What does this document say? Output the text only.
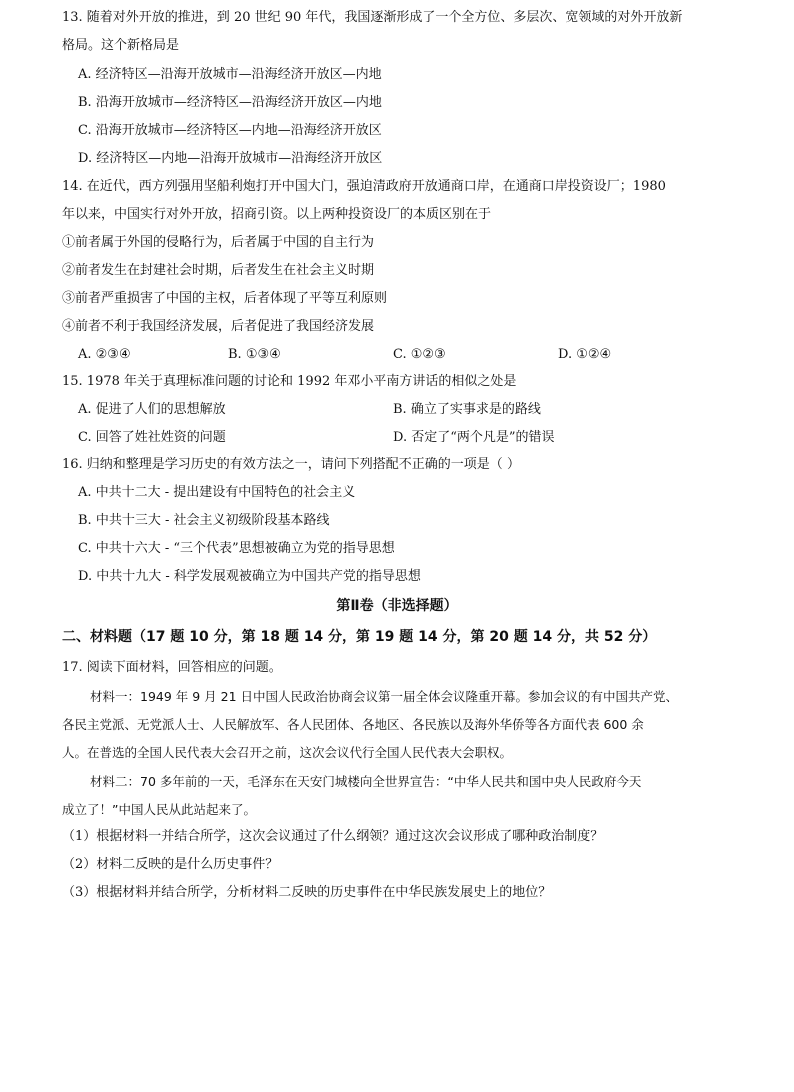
13. 随着对外开放的推进，到 20 世纪 90 年代，我国逐渐形成了一个全方位、多层次、宽领域的对外开放新
格局。这个新格局是
A. 经济特区—沿海开放城市—沿海经济开放区—内地
B. 沿海开放城市—经济特区—沿海经济开放区—内地
C. 沿海开放城市—经济特区—内地—沿海经济开放区
D. 经济特区—内地—沿海开放城市—沿海经济开放区
14. 在近代，西方列强用坚船利炮打开中国大门，强迫清政府开放通商口岸，在通商口岸投资设厂；1980
年以来，中国实行对外开放，招商引资。以上两种投资设厂的本质区别在于
①前者属于外国的侵略行为，后者属于中国的自主行为
②前者发生在封建社会时期，后者发生在社会主义时期
③前者严重损害了中国的主权，后者体现了平等互利原则
④前者不利于我国经济发展，后者促进了我国经济发展
A. ②③④	B. ①③④	C. ①②③	D. ①②④
15. 1978 年关于真理标准问题的讨论和 1992 年邓小平南方讲话的相似之处是
A. 促进了人们的思想解放	B. 确立了实事求是的路线
C. 回答了姓社姓资的问题	D. 否定了“两个凡是”的错误
16. 归纳和整理是学习历史的有效方法之一，请问下列搭配不正确的一项是（ ）
A. 中共十二大 - 提出建设有中国特色的社会主义
B. 中共十三大 - 社会主义初级阶段基本路线
C. 中共十六大 - “三个代表”思想被确立为党的指导思想
D. 中共十九大 - 科学发展观被确立为中国共产党的指导思想
第Ⅱ卷（非选择题）
二、材料题（17 题 10 分，第 18 题 14 分，第 19 题 14 分，第 20 题 14 分，共 52 分）
17. 阅读下面材料，回答相应的问题。
材料一：1949 年 9 月 21 日中国人民政治协商会议第一届全体会议隆重开幕。参加会议的有中国共产党、
各民主党派、无党派人士、人民解放军、各人民团体、各地区、各民族以及海外华侨等各方面代表 600 余
人。在普选的全国人民代表大会召开之前，这次会议代行全国人民代表大会职权。
材料二：70 多年前的一天，毛泽东在天安门城楼向全世界宣告：“中华人民共和国中央人民政府今天
成立了！”中国人民从此站起来了。
（1）根据材料一并结合所学，这次会议通过了什么纲领？通过这次会议形成了哪种政治制度？
（2）材料二反映的是什么历史事件？
（3）根据材料并结合所学，分析材料二反映的历史事件在中华民族发展史上的地位？
